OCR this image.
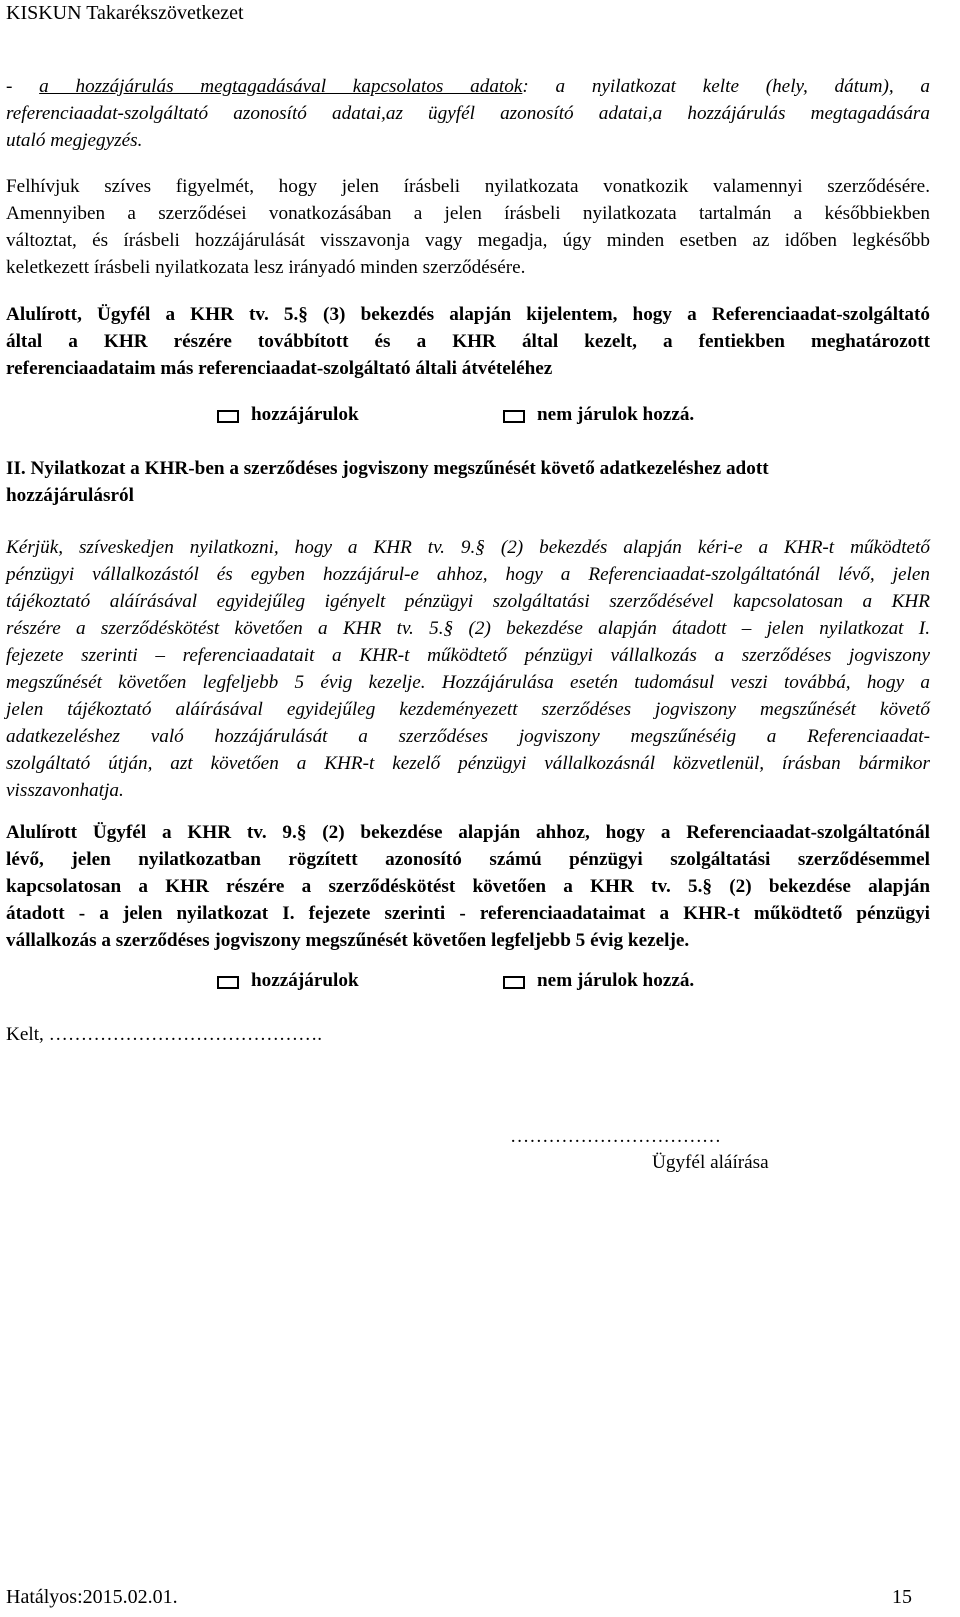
KISKUN Takarékszövetkezet
- a hozzájárulás megtagadásával kapcsolatos adatok: a nyilatkozat kelte (hely, dátum), a
referenciaadat-szolgáltató azonosító adatai,az ügyfél azonosító adatai,a hozzájárulás megtagadására
utaló megjegyzés.
Felhívjuk szíves figyelmét, hogy jelen írásbeli nyilatkozata vonatkozik valamennyi szerződésére.
Amennyiben a szerződései vonatkozásában a jelen írásbeli nyilatkozata tartalmán a későbbiekben
változtat, és írásbeli hozzájárulását visszavonja vagy megadja, úgy minden esetben az időben legkésőbb
keletkezett írásbeli nyilatkozata lesz irányadó minden szerződésére.
Alulírott, Ügyfél a KHR tv. 5.§ (3) bekezdés alapján kijelentem, hogy a Referenciaadat-szolgáltató
által a KHR részére továbbított és a KHR által kezelt, a fentiekben meghatározott
referenciaadataim más referenciaadat-szolgáltató általi átvételéhez
hozzájárulok	nem járulok hozzá.
II. Nyilatkozat a KHR-ben a szerződéses jogviszony megszűnését követő adatkezeléshez adott
hozzájárulásról
Kérjük, szíveskedjen nyilatkozni, hogy a KHR tv. 9.§ (2) bekezdés alapján kéri-e a KHR-t működtető
pénzügyi vállalkozástól és egyben hozzájárul-e ahhoz, hogy a Referenciaadat-szolgáltatónál lévő, jelen
tájékoztató aláírásával egyidejűleg igényelt pénzügyi szolgáltatási szerződésével kapcsolatosan a KHR
részére a szerződéskötést követően a KHR tv. 5.§ (2) bekezdése alapján átadott – jelen nyilatkozat I.
fejezete szerinti – referenciaadatait a KHR-t működtető pénzügyi vállalkozás a szerződéses jogviszony
megszűnését követően legfeljebb 5 évig kezelje. Hozzájárulása esetén tudomásul veszi továbbá, hogy a
jelen tájékoztató aláírásával egyidejűleg kezdeményezett szerződéses jogviszony megszűnését követő
adatkezeléshez való hozzájárulását a szerződéses jogviszony megszűnéséig a Referenciaadat-
szolgáltató útján, azt követően a KHR-t kezelő pénzügyi vállalkozásnál közvetlenül, írásban bármikor
visszavonhatja.
Alulírott Ügyfél a KHR tv. 9.§ (2) bekezdése alapján ahhoz, hogy a Referenciaadat-szolgáltatónál
lévő, jelen nyilatkozatban rögzített azonosító számú pénzügyi szolgáltatási szerződésemmel
kapcsolatosan a KHR részére a szerződéskötést követően a KHR tv. 5.§ (2) bekezdése alapján
átadott - a jelen nyilatkozat I. fejezete szerinti - referenciaadataimat a KHR-t működtető pénzügyi
vállalkozás a szerződéses jogviszony megszűnését követően legfeljebb 5 évig kezelje.
hozzájárulok	nem járulok hozzá.
Kelt, …………………………………….
……………………………
Ügyfél aláírása
Hatályos:2015.02.01.	15
